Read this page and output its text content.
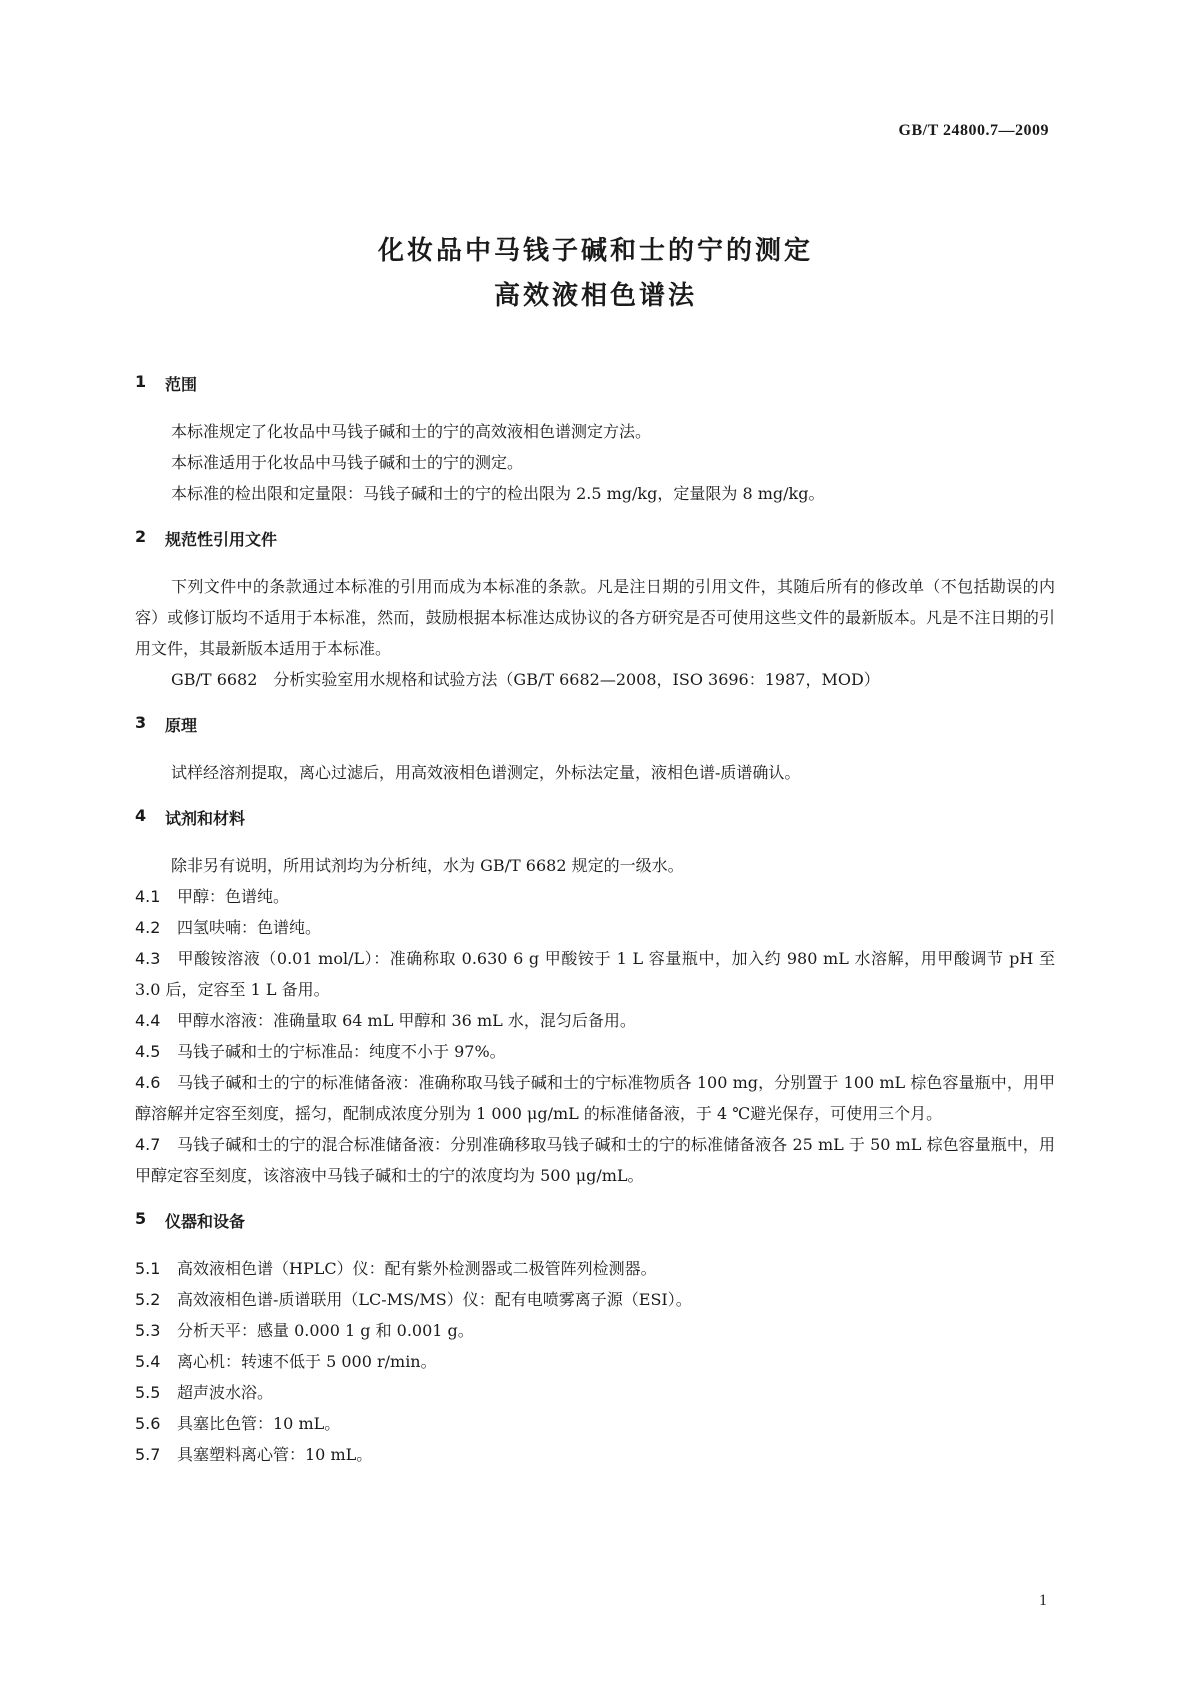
GB/T 24800.7—2009
化妆品中马钱子碱和士的宁的测定
高效液相色谱法
1	范围

本标准规定了化妆品中马钱子碱和士的宁的高效液相色谱测定方法。

本标准适用于化妆品中马钱子碱和士的宁的测定。

本标准的检出限和定量限：马钱子碱和士的宁的检出限为 2.5 mg/kg，定量限为 8 mg/kg。

2	规范性引用文件

下列文件中的条款通过本标准的引用而成为本标准的条款。凡是注日期的引用文件，其随后所有的修改单（不包括勘误的内容）或修订版均不适用于本标准，然而，鼓励根据本标准达成协议的各方研究是否可使用这些文件的最新版本。凡是不注日期的引用文件，其最新版本适用于本标准。

GB/T 6682　分析实验室用水规格和试验方法（GB/T 6682—2008，ISO 3696：1987，MOD）

3	原理

试样经溶剂提取，离心过滤后，用高效液相色谱测定，外标法定量，液相色谱-质谱确认。

4	试剂和材料

除非另有说明，所用试剂均为分析纯，水为 GB/T 6682 规定的一级水。

4.1	甲醇：色谱纯。

4.2	四氢呋喃：色谱纯。

4.3 甲酸铵溶液（0.01 mol/L）：准确称取 0.630 6 g 甲酸铵于 1 L 容量瓶中，加入约 980 mL 水溶解，用甲酸调节 pH 至 3.0 后，定容至 1 L 备用。

4.4	甲醇水溶液：准确量取 64 mL 甲醇和 36 mL 水，混匀后备用。

4.5	马钱子碱和士的宁标准品：纯度不小于 97%。

4.6 马钱子碱和士的宁的标准储备液：准确称取马钱子碱和士的宁标准物质各 100 mg，分别置于 100 mL 棕色容量瓶中，用甲醇溶解并定容至刻度，摇匀，配制成浓度分别为 1 000 μg/mL 的标准储备液，于 4 ℃避光保存，可使用三个月。

4.7 马钱子碱和士的宁的混合标准储备液：分别准确移取马钱子碱和士的宁的标准储备液各 25 mL 于 50 mL 棕色容量瓶中，用甲醇定容至刻度，该溶液中马钱子碱和士的宁的浓度均为 500 μg/mL。

5	仪器和设备

5.1	高效液相色谱（HPLC）仪：配有紫外检测器或二极管阵列检测器。

5.2	高效液相色谱-质谱联用（LC-MS/MS）仪：配有电喷雾离子源（ESI）。

5.3	分析天平：感量 0.000 1 g 和 0.001 g。

5.4	离心机：转速不低于 5 000 r/min。

5.5	超声波水浴。

5.6	具塞比色管：10 mL。

5.7	具塞塑料离心管：10 mL。

1
